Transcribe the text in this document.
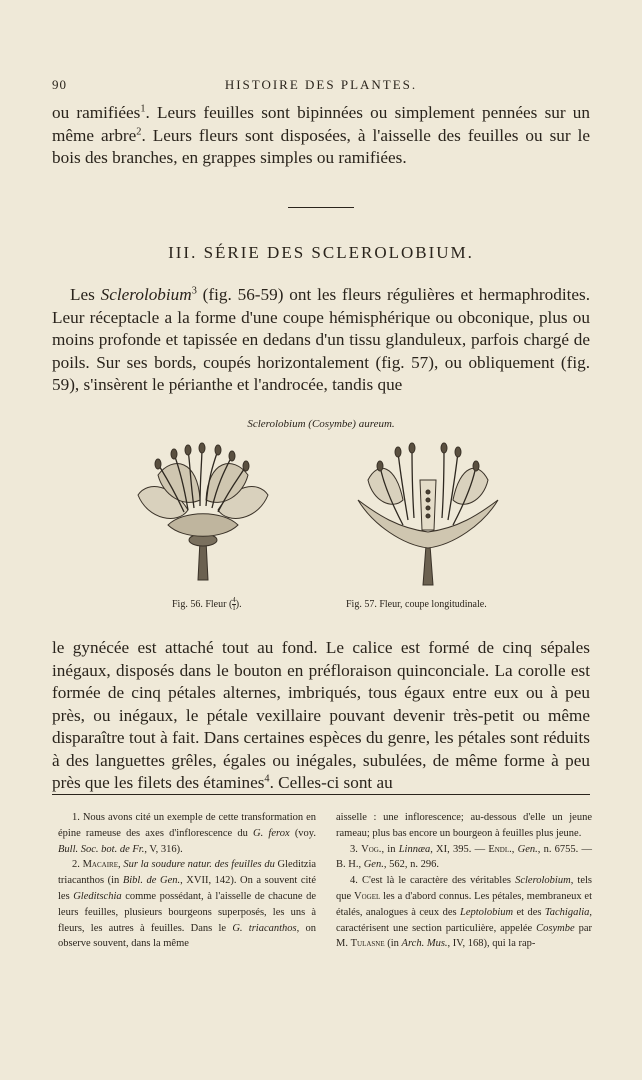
90	HISTOIRE DES PLANTES.

ou ramifiées$^1$. Leurs feuilles sont bipinnées ou simplement pennées sur un même arbre$^2$. Leurs fleurs sont disposées, à l'aisselle des feuilles ou sur le bois des branches, en grappes simples ou ramifiées.

III. SÉRIE DES SCLEROLOBIUM.

Les Sclerolobium$^3$ (fig. 56-59) ont les fleurs régulières et hermaphrodites. Leur réceptacle a la forme d'une coupe hémisphérique ou obconique, plus ou moins profonde et tapissée en dedans d'un tissu glanduleux, parfois chargé de poils. Sur ses bords, coupés horizontalement (fig. 57), ou obliquement (fig. 59), s'insèrent le périanthe et l'androcée, tandis que

Sclerolobium (Cosymbe) aureum.
Fig. 56. Fleur ( $\frac{4}{1}$ ).	Fig. 57. Fleur, coupe longitudinale.

le gynécée est attaché tout au fond. Le calice est formé de cinq sépales inégaux, disposés dans le bouton en préfloraison quinconciale. La corolle est formée de cinq pétales alternes, imbriqués, tous égaux entre eux ou à peu près, ou inégaux, le pétale vexillaire pouvant devenir très-petit ou même disparaître tout à fait. Dans certaines espèces du genre, les pétales sont réduits à des languettes grêles, égales ou inégales, subulées, de même forme à peu près que les filets des étamines$^4$. Celles-ci sont au

1. Nous avons cité un exemple de cette transformation en épine rameuse des axes d'inflorescence du G. ferox (voy. Bull. Soc. bot. de Fr., V, 316).

2. Macaire, Sur la soudure natur. des feuilles du Gleditzia triacanthos (in Bibl. de Gen., XVII, 142). On a souvent cité les Gleditschia comme possédant, à l'aisselle de chacune de leurs feuilles, plusieurs bourgeons superposés, les uns à fleurs, les autres à feuilles. Dans le G. triacanthos, on observe souvent, dans la même

aisselle : une inflorescence; au-dessous d'elle un jeune rameau; plus bas encore un bourgeon à feuilles plus jeune.

3. Vog., in Linnæa, XI, 395. — Endl., Gen., n. 6755. — B. H., Gen., 562, n. 296.

4. C'est là le caractère des véritables Sclerolobium, tels que Vogel les a d'abord connus. Les pétales, membraneux et étalés, analogues à ceux des Leptolobium et des Tachigalia, caractérisent une section particulière, appelée Cosymbe par M. Tulasne (in Arch. Mus., IV, 168), qui la rap-
